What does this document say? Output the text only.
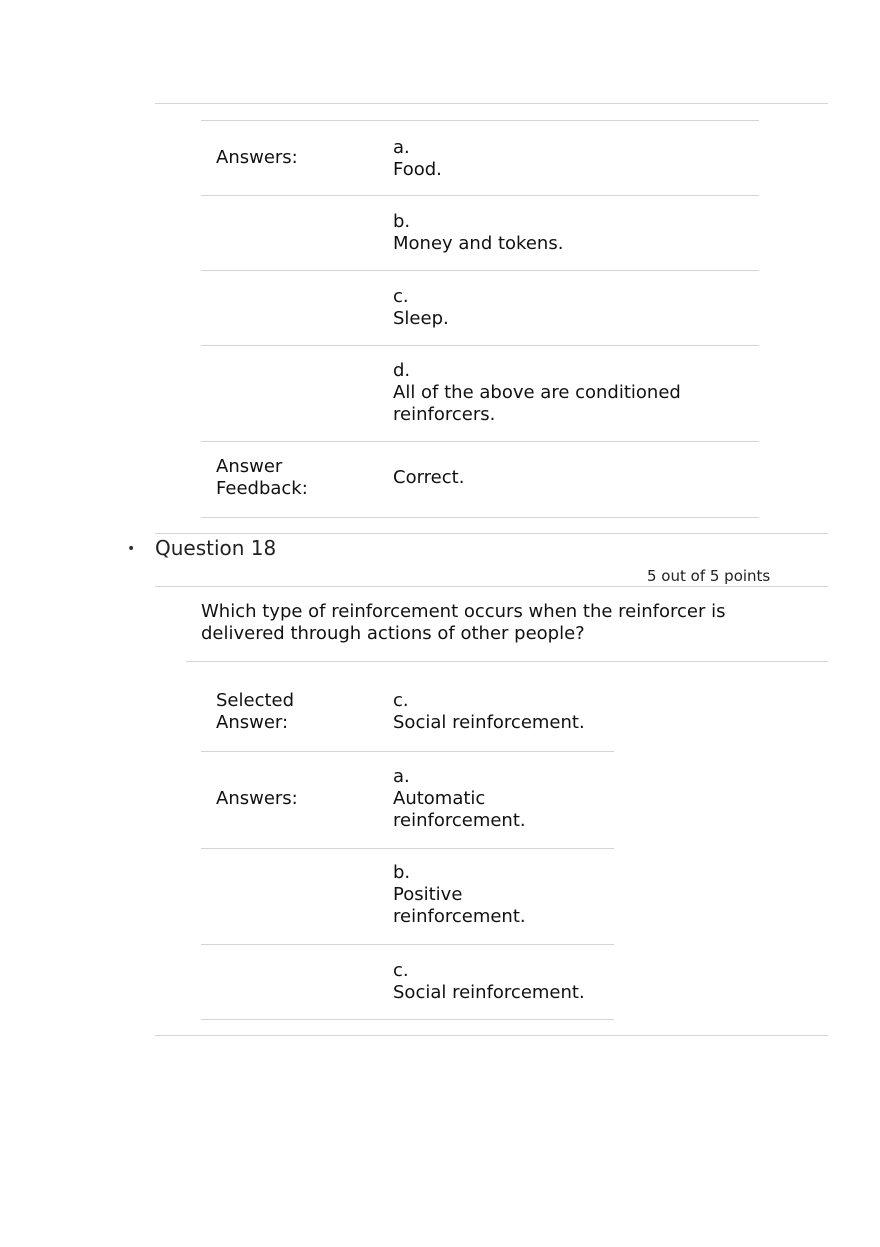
Answers:	a.
Food.
b.
Money and tokens.
c.
Sleep.
d.
All of the above are conditioned
reinforcers.
Answer
Feedback:
Correct.
• Question 18
5 out of 5 points
Which type of reinforcement occurs when the reinforcer is
delivered through actions of other people?
Selected
Answer:
c.
Social reinforcement.
Answers:
a.
Automatic
reinforcement.
b.
Positive
reinforcement.
c.
Social reinforcement.
